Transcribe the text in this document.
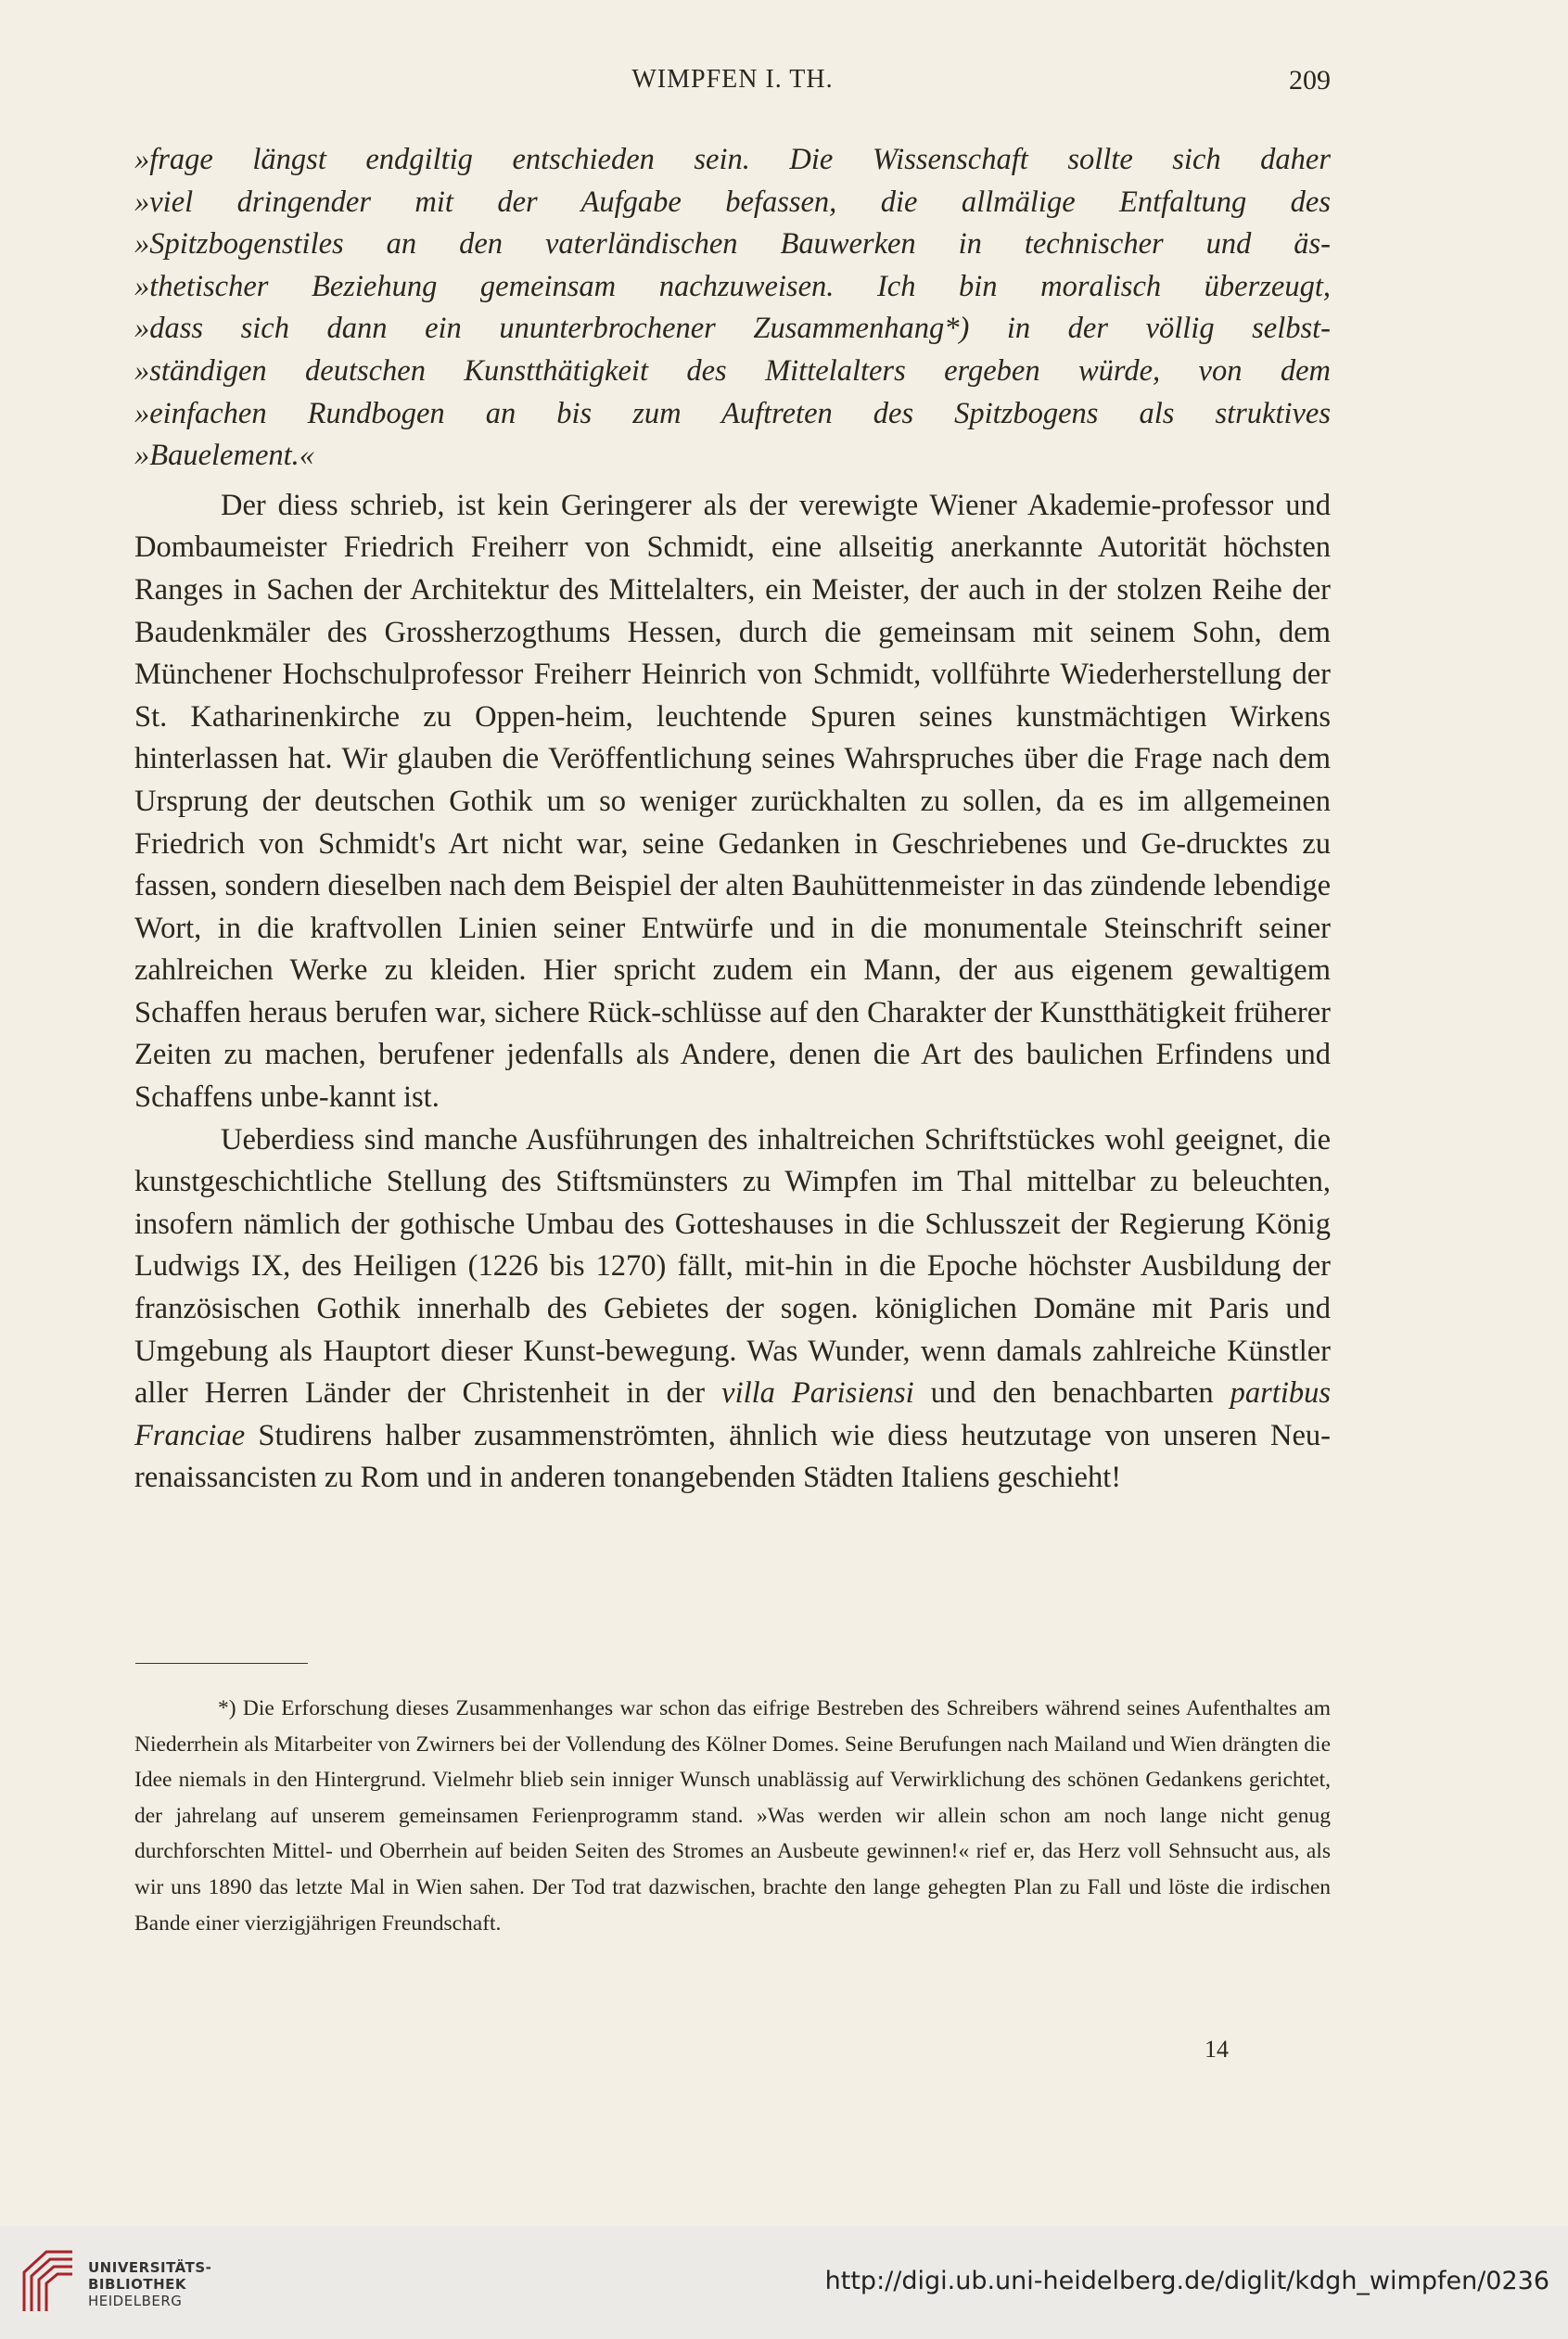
WIMPFEN I. TH.	209

»frage längst endgiltig entschieden sein. Die Wissenschaft sollte sich daher
»viel dringender mit der Aufgabe befassen, die allmälige Entfaltung des
»Spitzbogenstiles an den vaterländischen Bauwerken in technischer und äs-
»thetischer Beziehung gemeinsam nachzuweisen. Ich bin moralisch überzeugt,
»dass sich dann ein ununterbrochener Zusammenhang*) in der völlig selbst-
»ständigen deutschen Kunstthätigkeit des Mittelalters ergeben würde, von dem
»einfachen Rundbogen an bis zum Auftreten des Spitzbogens als struktives
»Bauelement.«

Der diess schrieb, ist kein Geringerer als der verewigte Wiener Akademie-professor und Dombaumeister Friedrich Freiherr von Schmidt, eine allseitig anerkannte Autorität höchsten Ranges in Sachen der Architektur des Mittelalters, ein Meister, der auch in der stolzen Reihe der Baudenkmäler des Grossherzogthums Hessen, durch die gemeinsam mit seinem Sohn, dem Münchener Hochschulprofessor Freiherr Heinrich von Schmidt, vollführte Wiederherstellung der St. Katharinenkirche zu Oppen-heim, leuchtende Spuren seines kunstmächtigen Wirkens hinterlassen hat. Wir glauben die Veröffentlichung seines Wahrspruches über die Frage nach dem Ursprung der deutschen Gothik um so weniger zurückhalten zu sollen, da es im allgemeinen Friedrich von Schmidt's Art nicht war, seine Gedanken in Geschriebenes und Ge-drucktes zu fassen, sondern dieselben nach dem Beispiel der alten Bauhüttenmeister in das zündende lebendige Wort, in die kraftvollen Linien seiner Entwürfe und in die monumentale Steinschrift seiner zahlreichen Werke zu kleiden. Hier spricht zudem ein Mann, der aus eigenem gewaltigem Schaffen heraus berufen war, sichere Rück-schlüsse auf den Charakter der Kunstthätigkeit früherer Zeiten zu machen, berufener jedenfalls als Andere, denen die Art des baulichen Erfindens und Schaffens unbe-kannt ist.

Ueberdiess sind manche Ausführungen des inhaltreichen Schriftstückes wohl geeignet, die kunstgeschichtliche Stellung des Stiftsmünsters zu Wimpfen im Thal mittelbar zu beleuchten, insofern nämlich der gothische Umbau des Gotteshauses in die Schlusszeit der Regierung König Ludwigs IX, des Heiligen (1226 bis 1270) fällt, mit-hin in die Epoche höchster Ausbildung der französischen Gothik innerhalb des Gebietes der sogen. königlichen Domäne mit Paris und Umgebung als Hauptort dieser Kunst-bewegung. Was Wunder, wenn damals zahlreiche Künstler aller Herren Länder der Christenheit in der villa Parisiensi und den benachbarten partibus Franciae Studirens halber zusammenströmten, ähnlich wie diess heutzutage von unseren Neu-renaissancisten zu Rom und in anderen tonangebenden Städten Italiens geschieht!

*) Die Erforschung dieses Zusammenhanges war schon das eifrige Bestreben des Schreibers während seines Aufenthaltes am Niederrhein als Mitarbeiter von Zwirners bei der Vollendung des Kölner Domes. Seine Berufungen nach Mailand und Wien drängten die Idee niemals in den Hintergrund. Vielmehr blieb sein inniger Wunsch unablässig auf Verwirklichung des schönen Gedankens gerichtet, der jahrelang auf unserem gemeinsamen Ferienprogramm stand. »Was werden wir allein schon am noch lange nicht genug durchforschten Mittel- und Oberrhein auf beiden Seiten des Stromes an Ausbeute gewinnen!« rief er, das Herz voll Sehnsucht aus, als wir uns 1890 das letzte Mal in Wien sahen. Der Tod trat dazwischen, brachte den lange gehegten Plan zu Fall und löste die irdischen Bande einer vierzigjährigen Freundschaft.

14
UNIVERSITÄTS-
BIBLIOTHEK
HEIDELBERG
http://digi.ub.uni-heidelberg.de/diglit/kdgh_wimpfen/0236
